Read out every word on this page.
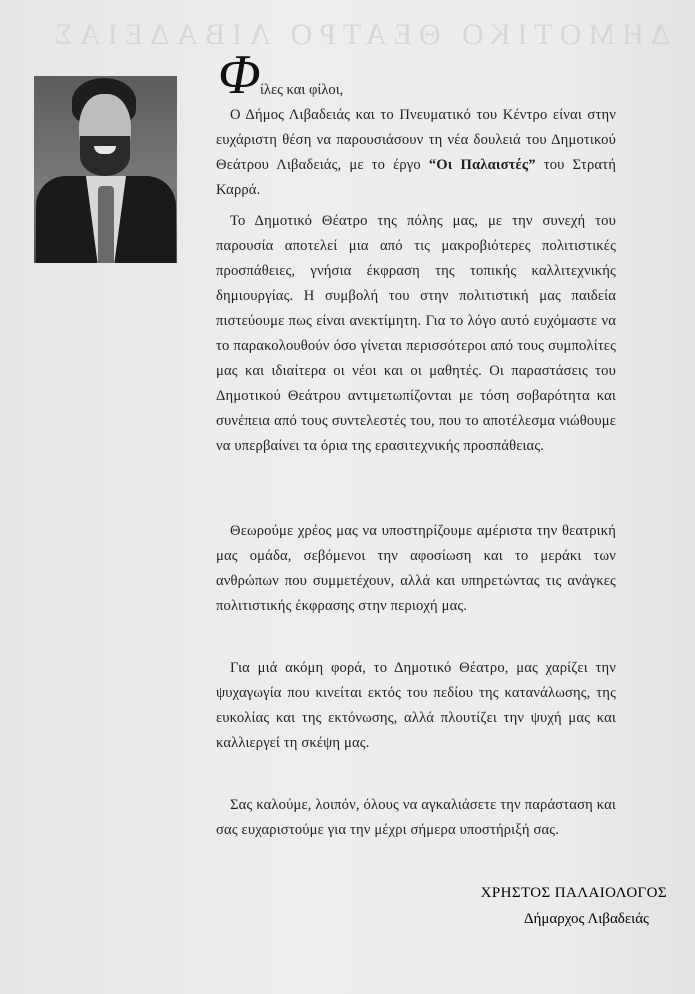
ΔΗΜΟΤΙΚΟ ΘΕΑΤΡΟ ΛΙΒΑΔΕΙΑΣ
Φ ίλες και φίλοι,

Ο Δήμος Λιβαδειάς και το Πνευματικό του Κέντρο είναι στην ευχάριστη θέση να παρουσιάσουν τη νέα δουλειά του Δημοτικού Θεάτρου Λιβαδειάς, με το έργο “Οι Παλαιστές” του Στρατή Καρρά.

Το Δημοτικό Θέατρο της πόλης μας, με την συνεχή του παρουσία αποτελεί μια από τις μακροβιότερες πολιτιστικές προσπάθειες, γνήσια έκφραση της τοπικής καλλιτεχνικής δημιουργίας. Η συμβολή του στην πολιτιστική μας παιδεία πιστεύουμε πως είναι ανεκτίμητη. Για το λόγο αυτό ευχόμαστε να το παρακολουθούν όσο γίνεται περισσότεροι από τους συμπολίτες μας και ιδιαίτερα οι νέοι και οι μαθητές. Οι παραστάσεις του Δημοτικού Θεάτρου αντιμετωπίζονται με τόση σοβαρότητα και συνέπεια από τους συντελεστές του, που το αποτέλεσμα νιώθουμε να υπερβαίνει τα όρια της ερασιτεχνικής προσπάθειας.

Θεωρούμε χρέος μας να υποστηρίζουμε αμέριστα την θεατρική μας ομάδα, σεβόμενοι την αφοσίωση και το μεράκι των ανθρώπων που συμμετέχουν, αλλά και υπηρετώντας τις ανάγκες πολιτιστικής έκφρασης στην περιοχή μας.

Για μιά ακόμη φορά, το Δημοτικό Θέατρο, μας χαρίζει την ψυχαγωγία που κινείται εκτός του πεδίου της κατανάλωσης, της ευκολίας και της εκτόνωσης, αλλά πλουτίζει την ψυχή μας και καλλιεργεί τη σκέψη μας.

Σας καλούμε, λοιπόν, όλους να αγκαλιάσετε την παράσταση και σας ευχαριστούμε για την μέχρι σήμερα υποστήριξή σας.

ΧΡΗΣΤΟΣ ΠΑΛΑΙΟΛΟΓΟΣ
Δήμαρχος Λιβαδειάς
